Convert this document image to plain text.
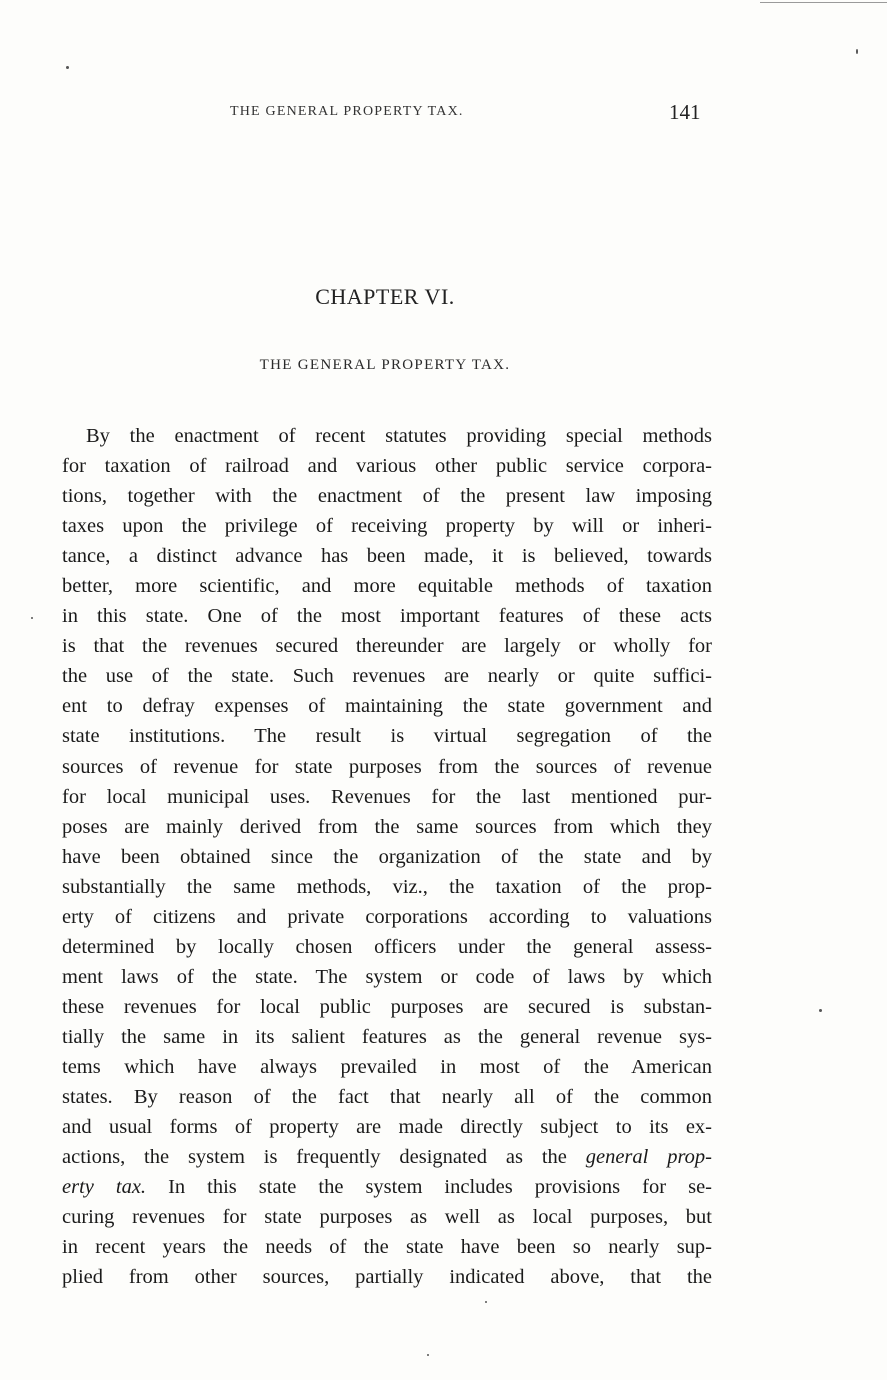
THE GENERAL PROPERTY TAX.	141
CHAPTER VI.
THE GENERAL PROPERTY TAX.
By the enactment of recent statutes providing special methods
for taxation of railroad and various other public service corpora-
tions, together with the enactment of the present law imposing
taxes upon the privilege of receiving property by will or inheri-
tance, a distinct advance has been made, it is believed, towards
better, more scientific, and more equitable methods of taxation
in this state. One of the most important features of these acts
is that the revenues secured thereunder are largely or wholly for
the use of the state. Such revenues are nearly or quite suffici-
ent to defray expenses of maintaining the state government and
state institutions. The result is virtual segregation of the
sources of revenue for state purposes from the sources of revenue
for local municipal uses. Revenues for the last mentioned pur-
poses are mainly derived from the same sources from which they
have been obtained since the organization of the state and by
substantially the same methods, viz., the taxation of the prop-
erty of citizens and private corporations according to valuations
determined by locally chosen officers under the general assess-
ment laws of the state. The system or code of laws by which
these revenues for local public purposes are secured is substan-
tially the same in its salient features as the general revenue sys-
tems which have always prevailed in most of the American
states. By reason of the fact that nearly all of the common
and usual forms of property are made directly subject to its ex-
actions, the system is frequently designated as the general prop-
erty tax. In this state the system includes provisions for se-
curing revenues for state purposes as well as local purposes, but
in recent years the needs of the state have been so nearly sup-
plied from other sources, partially indicated above, that the
